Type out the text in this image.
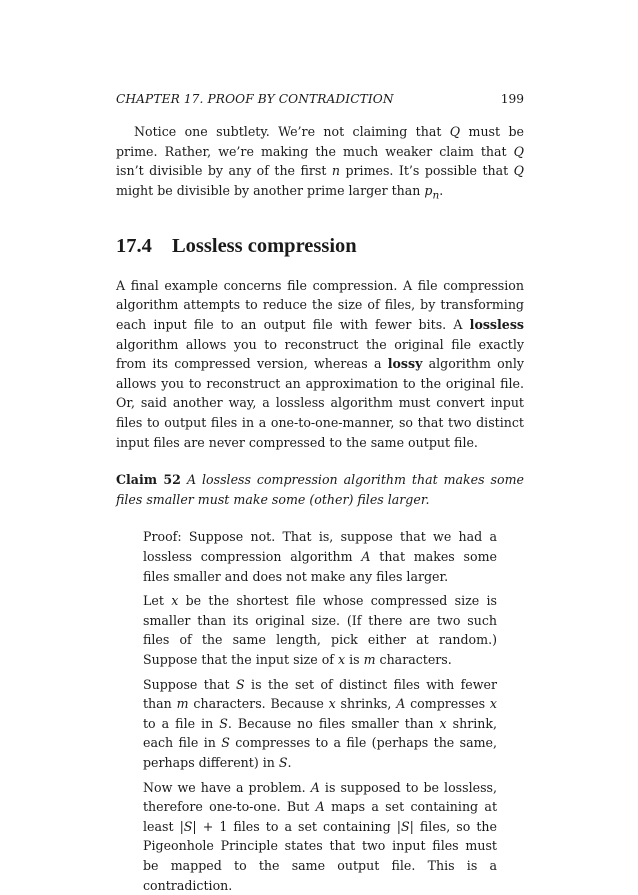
CHAPTER 17. PROOF BY CONTRADICTION	199

Notice one subtlety. We’re not claiming that Q must be prime. Rather, we’re making the much weaker claim that Q isn’t divisible by any of the first n primes. It’s possible that Q might be divisible by another prime larger than $p_n$.

17.4 Lossless compression

A final example concerns file compression. A file compression algorithm attempts to reduce the size of files, by transforming each input file to an output file with fewer bits. A lossless algorithm allows you to reconstruct the original file exactly from its compressed version, whereas a lossy algorithm only allows you to reconstruct an approximation to the original file. Or, said another way, a lossless algorithm must convert input files to output files in a one-to-one-manner, so that two distinct input files are never compressed to the same output file.

Claim 52 A lossless compression algorithm that makes some files smaller must make some (other) files larger.

Proof: Suppose not. That is, suppose that we had a lossless compression algorithm A that makes some files smaller and does not make any files larger.

Let x be the shortest file whose compressed size is smaller than its original size. (If there are two such files of the same length, pick either at random.) Suppose that the input size of x is m characters.

Suppose that S is the set of distinct files with fewer than m characters. Because x shrinks, A compresses x to a file in S. Because no files smaller than x shrink, each file in S compresses to a file (perhaps the same, perhaps different) in S.

Now we have a problem. A is supposed to be lossless, therefore one-to-one. But A maps a set containing at least |S| + 1 files to a set containing |S| files, so the Pigeonhole Principle states that two input files must be mapped to the same output file. This is a contradiction.
